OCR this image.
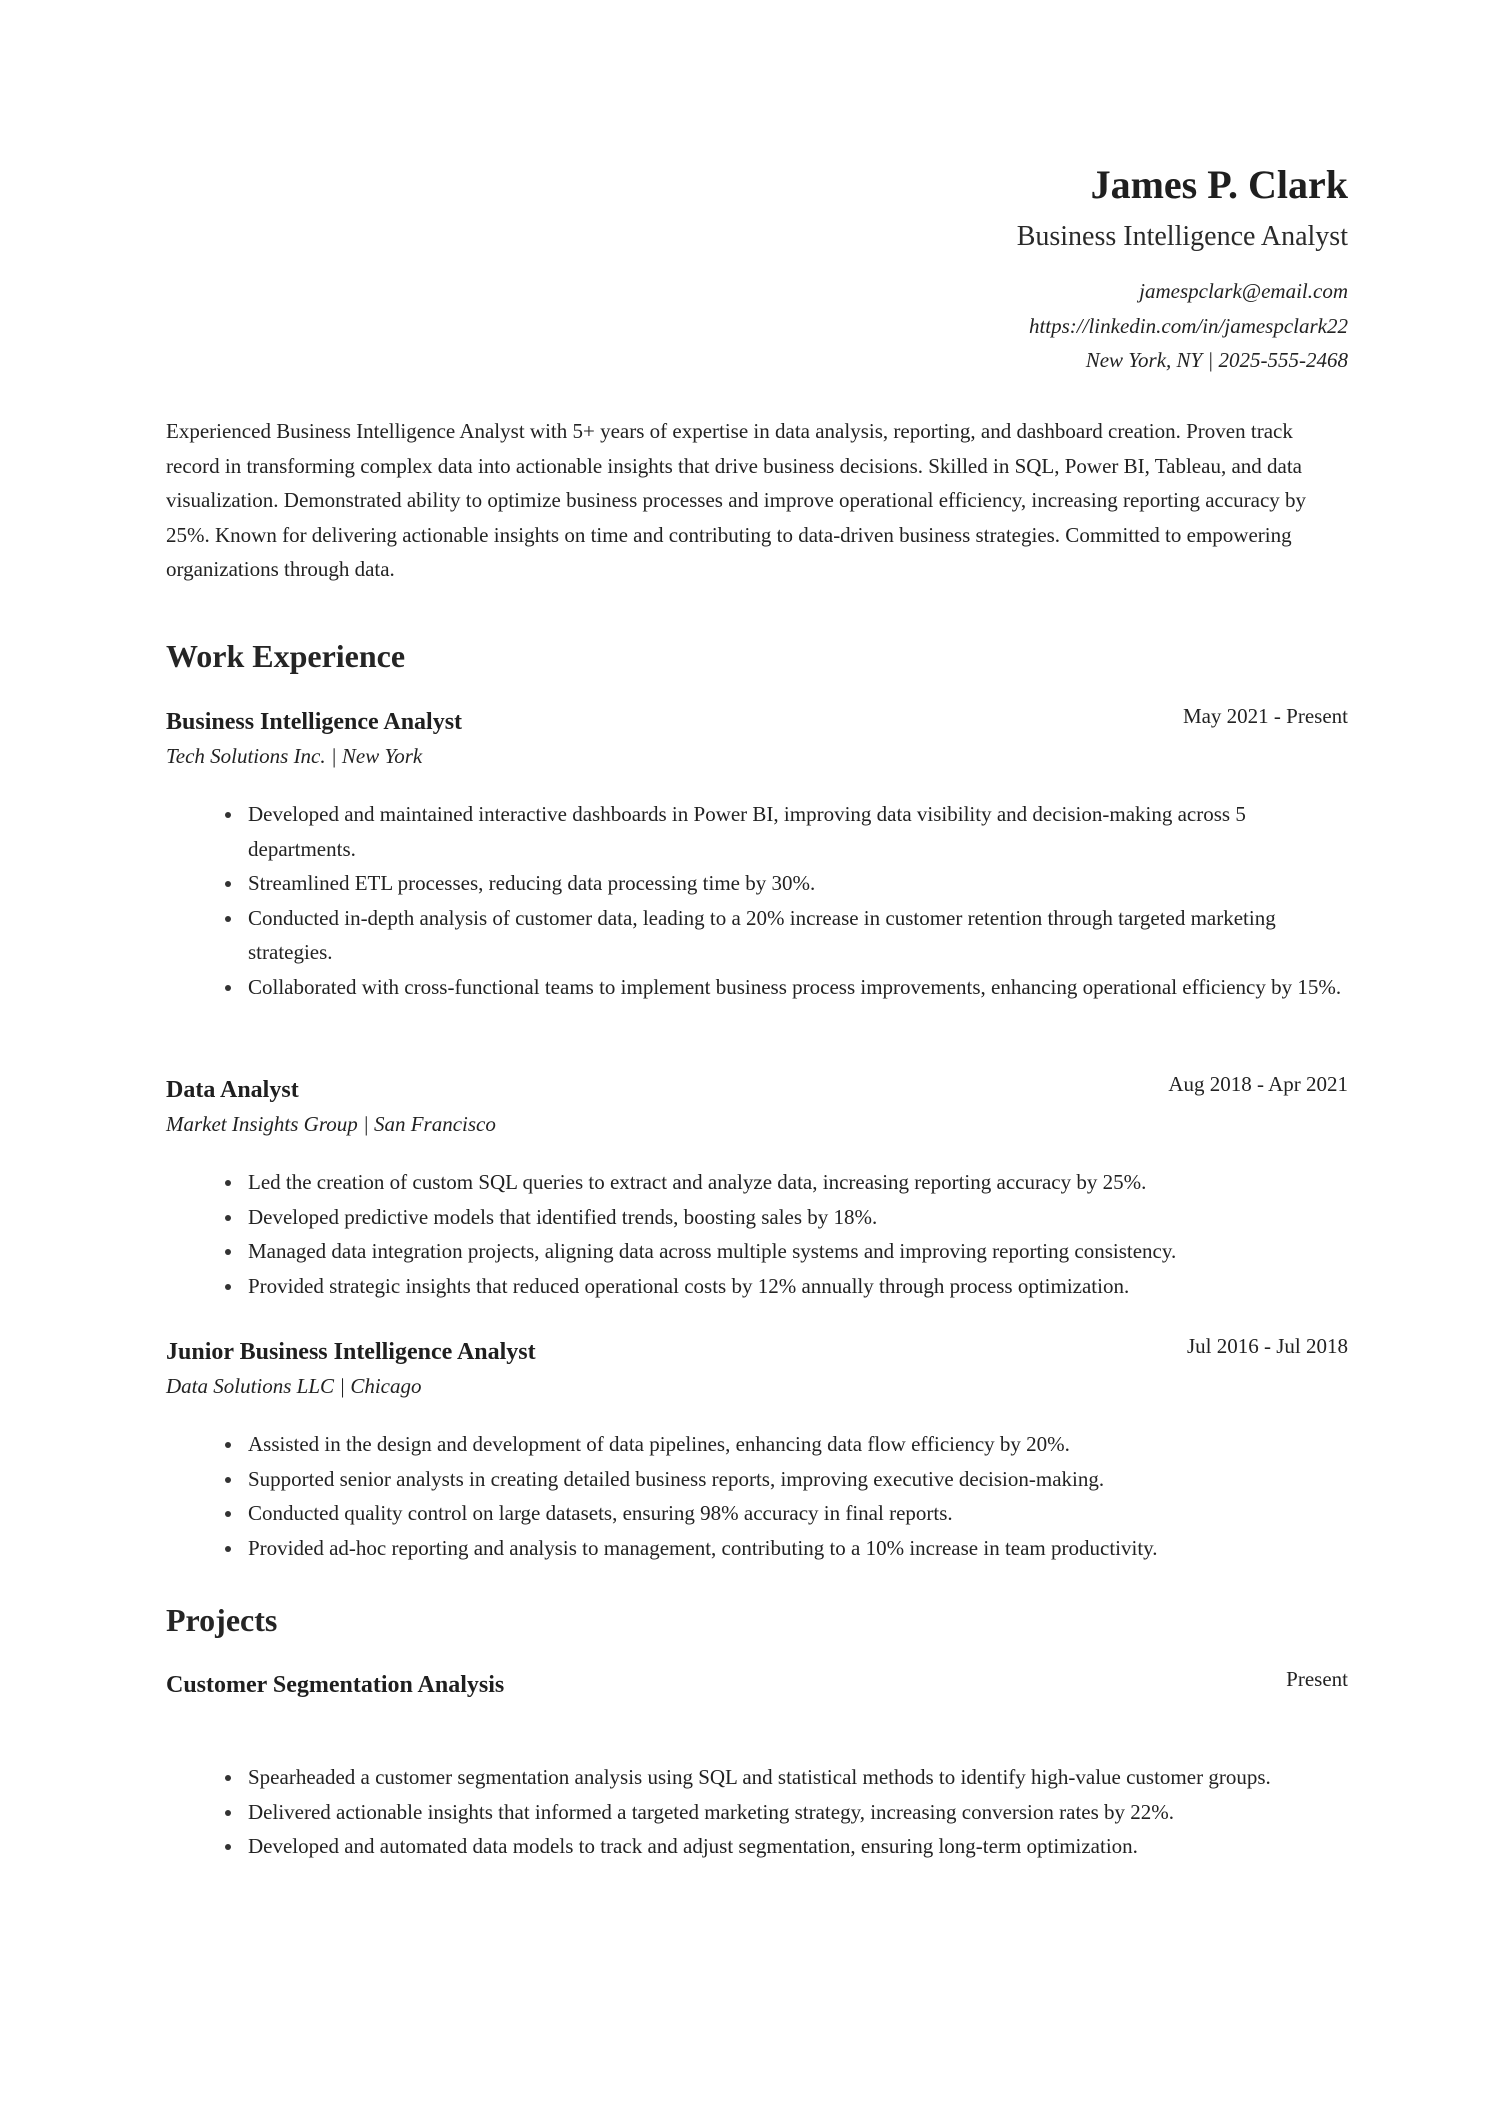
James P. Clark
Business Intelligence Analyst
jamespclark@email.com
https://linkedin.com/in/jamespclark22
New York, NY | 2025-555-2468
Experienced Business Intelligence Analyst with 5+ years of expertise in data analysis, reporting, and dashboard creation. Proven track record in transforming complex data into actionable insights that drive business decisions. Skilled in SQL, Power BI, Tableau, and data visualization. Demonstrated ability to optimize business processes and improve operational efficiency, increasing reporting accuracy by 25%. Known for delivering actionable insights on time and contributing to data-driven business strategies. Committed to empowering organizations through data.
Work Experience
Business Intelligence Analyst	May 2021 - Present
Tech Solutions Inc. | New York
Developed and maintained interactive dashboards in Power BI, improving data visibility and decision-making across 5 departments.
Streamlined ETL processes, reducing data processing time by 30%.
Conducted in-depth analysis of customer data, leading to a 20% increase in customer retention through targeted marketing strategies.
Collaborated with cross-functional teams to implement business process improvements, enhancing operational efficiency by 15%.
Data Analyst	Aug 2018 - Apr 2021
Market Insights Group | San Francisco
Led the creation of custom SQL queries to extract and analyze data, increasing reporting accuracy by 25%.
Developed predictive models that identified trends, boosting sales by 18%.
Managed data integration projects, aligning data across multiple systems and improving reporting consistency.
Provided strategic insights that reduced operational costs by 12% annually through process optimization.
Junior Business Intelligence Analyst	Jul 2016 - Jul 2018
Data Solutions LLC | Chicago
Assisted in the design and development of data pipelines, enhancing data flow efficiency by 20%.
Supported senior analysts in creating detailed business reports, improving executive decision-making.
Conducted quality control on large datasets, ensuring 98% accuracy in final reports.
Provided ad-hoc reporting and analysis to management, contributing to a 10% increase in team productivity.
Projects
Customer Segmentation Analysis	Present
Spearheaded a customer segmentation analysis using SQL and statistical methods to identify high-value customer groups.
Delivered actionable insights that informed a targeted marketing strategy, increasing conversion rates by 22%.
Developed and automated data models to track and adjust segmentation, ensuring long-term optimization.
